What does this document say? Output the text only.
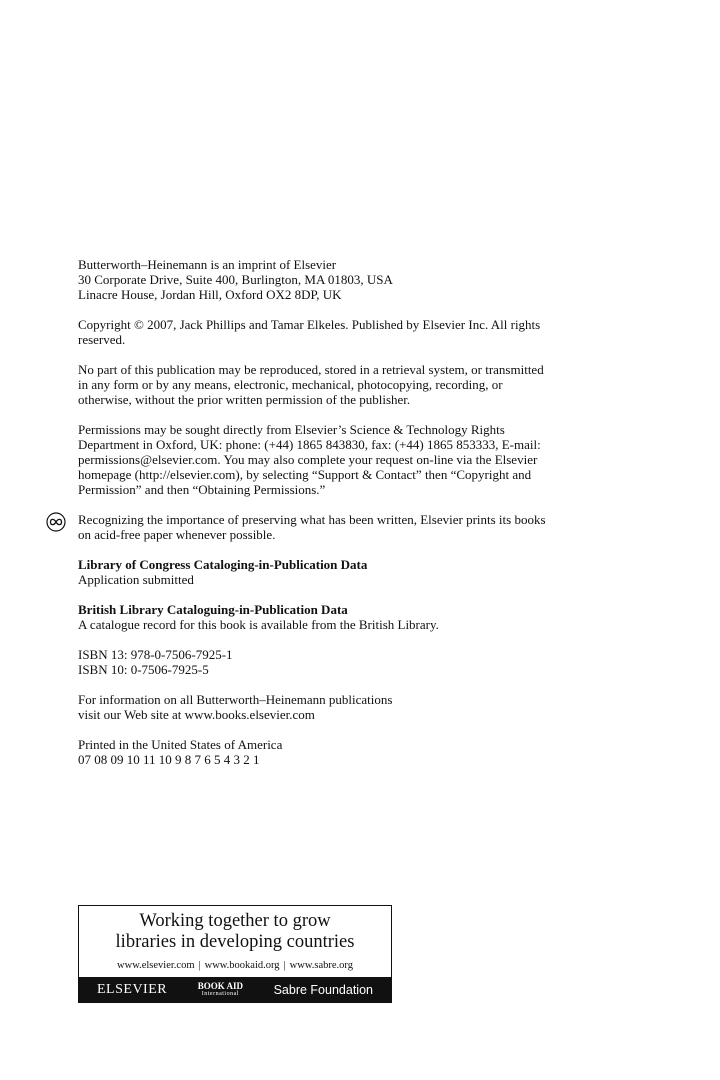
Butterworth–Heinemann is an imprint of Elsevier
30 Corporate Drive, Suite 400, Burlington, MA 01803, USA
Linacre House, Jordan Hill, Oxford OX2 8DP, UK
Copyright © 2007, Jack Phillips and Tamar Elkeles. Published by Elsevier Inc. All rights
reserved.
No part of this publication may be reproduced, stored in a retrieval system, or transmitted
in any form or by any means, electronic, mechanical, photocopying, recording, or
otherwise, without the prior written permission of the publisher.
Permissions may be sought directly from Elsevier’s Science & Technology Rights
Department in Oxford, UK: phone: (+44) 1865 843830, fax: (+44) 1865 853333, E-mail:
permissions@elsevier.com. You may also complete your request on-line via the Elsevier
homepage (http://elsevier.com), by selecting “Support & Contact” then “Copyright and
Permission” and then “Obtaining Permissions.”
Recognizing the importance of preserving what has been written, Elsevier prints its books
on acid-free paper whenever possible.
Library of Congress Cataloging-in-Publication Data
Application submitted
British Library Cataloguing-in-Publication Data
A catalogue record for this book is available from the British Library.
ISBN 13: 978-0-7506-7925-1
ISBN 10: 0-7506-7925-5
For information on all Butterworth–Heinemann publications
visit our Web site at www.books.elsevier.com
Printed in the United States of America
07 08 09 10 11 10 9 8 7 6 5 4 3 2 1
Working together to grow
libraries in developing countries
www.elsevier.com | www.bookaid.org | www.sabre.org
ELSEVIER	BOOK AID
International	Sabre Foundation
